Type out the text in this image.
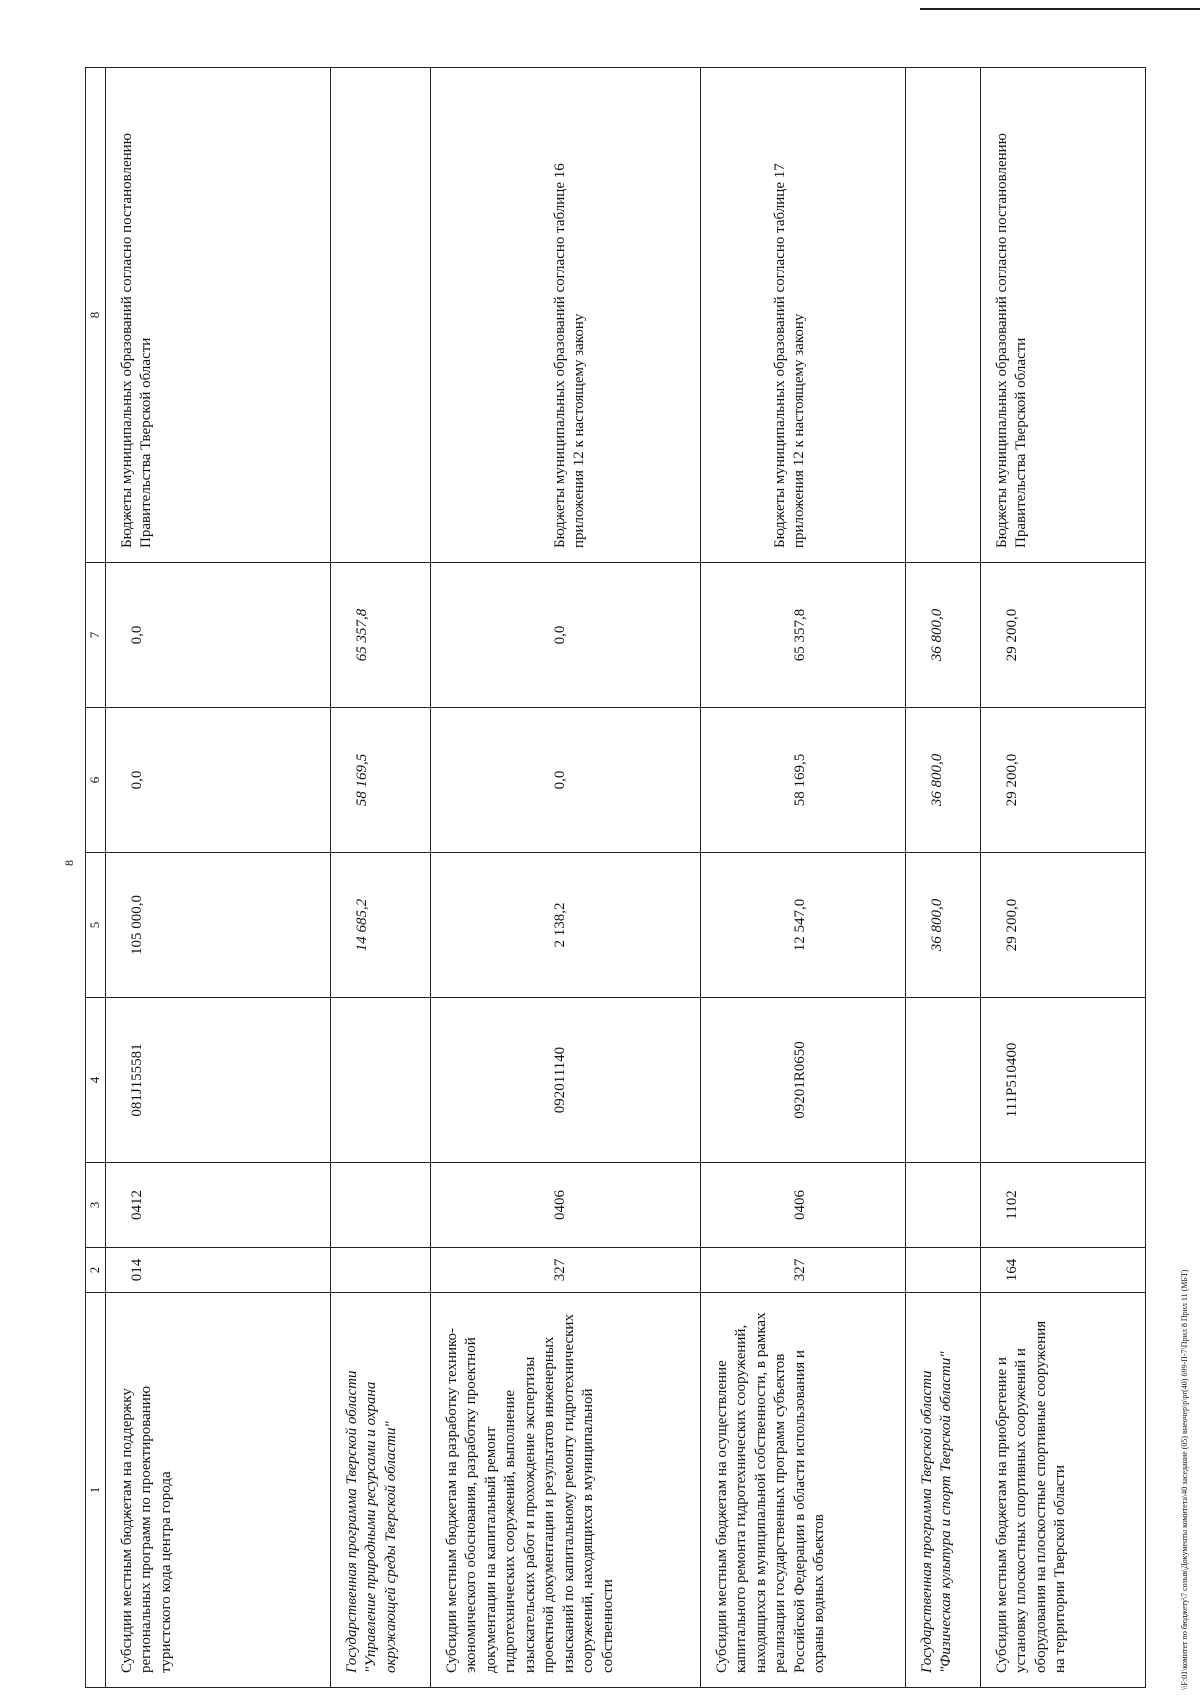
8
\\F:01\комитет по бюджету\7 созыв\Документы комитета\40 заседание (05) внеочер\р\pr(40) 699-П-7\Прил 8 Прил 11 (МБТ)
1	2	3	4	5	6	7	8
Субсидии местным бюджетам на поддержку региональных программ по проектированию туристского кода центра города	014	0412	081J155581	105 000,0	0,0	0,0	Бюджеты муниципальных образований согласно постановлению Правительства Тверской области
Государственная программа Тверской области "Управление природными ресурсами и охрана окружающей среды Тверской области"				14 685,2	58 169,5	65 357,8	
Субсидии местным бюджетам на разработку технико-экономического обоснования, разработку проектной документации на капитальный ремонт гидротехнических сооружений, выполнение изыскательских работ и прохождение экспертизы проектной документации и результатов инженерных изысканий по капитальному ремонту гидротехнических сооружений, находящихся в муниципальной собственности	327	0406	092011140	2 138,2	0,0	0,0	Бюджеты муниципальных образований согласно таблице 16 приложения 12 к настоящему закону
Субсидии местным бюджетам на осуществление капитального ремонта гидротехнических сооружений, находящихся в муниципальной собственности, в рамках реализации государственных программ субъектов Российской Федерации в области использования и охраны водных объектов	327	0406	09201R0650	12 547,0	58 169,5	65 357,8	Бюджеты муниципальных образований согласно таблице 17 приложения 12 к настоящему закону
Государственная программа Тверской области "Физическая культура и спорт Тверской области"				36 800,0	36 800,0	36 800,0	
Субсидии местным бюджетам на приобретение и установку плоскостных спортивных сооружений и оборудования на плоскостные спортивные сооружения на территории Тверской области	164	1102	111P510400	29 200,0	29 200,0	29 200,0	Бюджеты муниципальных образований согласно постановлению Правительства Тверской области
